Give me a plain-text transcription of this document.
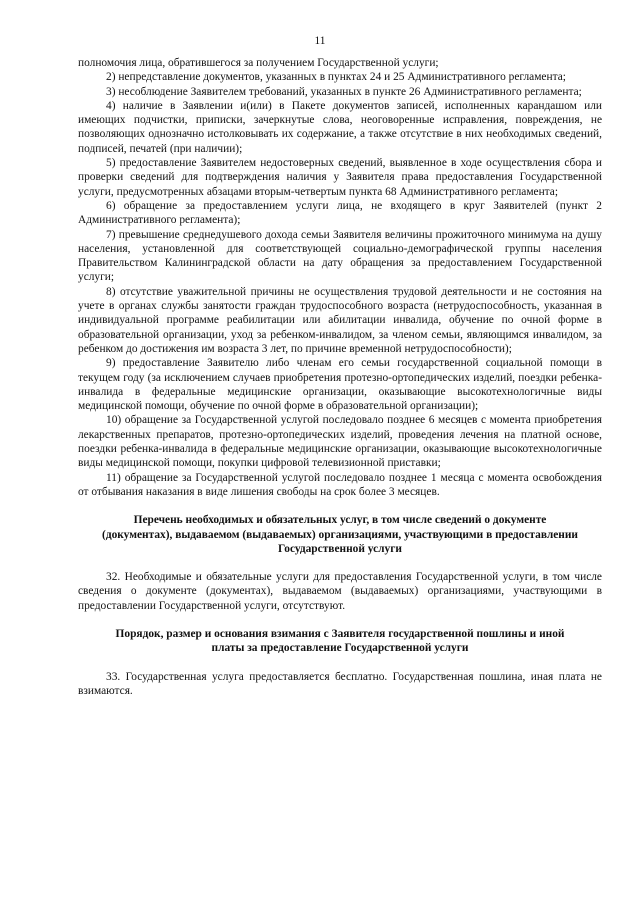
11

полномочия лица, обратившегося за получением Государственной услуги;

2) непредставление документов, указанных в пунктах 24 и 25 Административного регламента;

3) несоблюдение Заявителем требований, указанных в пункте 26 Административного регламента;

4) наличие в Заявлении и(или) в Пакете документов записей, исполненных карандашом или имеющих подчистки, приписки, зачеркнутые слова, неоговоренные исправления, повреждения, не позволяющих однозначно истолковывать их содержание, а также отсутствие в них необходимых сведений, подписей, печатей (при наличии);

5) предоставление Заявителем недостоверных сведений, выявленное в ходе осуществления сбора и проверки сведений для подтверждения наличия у Заявителя права предоставления Государственной услуги, предусмотренных абзацами вторым-четвертым пункта 68 Административного регламента;

6) обращение за предоставлением услуги лица, не входящего в круг Заявителей (пункт 2 Административного регламента);

7) превышение среднедушевого дохода семьи Заявителя величины прожиточного минимума на душу населения, установленной для соответствующей социально-демографической группы населения Правительством Калининградской области на дату обращения за предоставлением Государственной услуги;

8) отсутствие уважительной причины не осуществления трудовой деятельности и не состояния на учете в органах службы занятости граждан трудоспособного возраста (нетрудоспособность, указанная в индивидуальной программе реабилитации или абилитации инвалида, обучение по очной форме в образовательной организации, уход за ребенком-инвалидом, за членом семьи, являющимся инвалидом, за ребенком до достижения им возраста 3 лет, по причине временной нетрудоспособности);

9) предоставление Заявителю либо членам его семьи государственной социальной помощи в текущем году (за исключением случаев приобретения протезно-ортопедических изделий, поездки ребенка-инвалида в федеральные медицинские организации, оказывающие высокотехнологичные виды медицинской помощи, обучение по очной форме в образовательной организации);

10) обращение за Государственной услугой последовало позднее 6 месяцев с момента приобретения лекарственных препаратов, протезно-ортопедических изделий, проведения лечения на платной основе, поездки ребенка-инвалида в федеральные медицинские организации, оказывающие высокотехнологичные виды медицинской помощи, покупки цифровой телевизионной приставки;

11) обращение за Государственной услугой последовало позднее 1 месяца с момента освобождения от отбывания наказания в виде лишения свободы на срок более 3 месяцев.

Перечень необходимых и обязательных услуг, в том числе сведений о документе (документах), выдаваемом (выдаваемых) организациями, участвующими в предоставлении Государственной услуги

32. Необходимые и обязательные услуги для предоставления Государственной услуги, в том числе сведения о документе (документах), выдаваемом (выдаваемых) организациями, участвующими в предоставлении Государственной услуги, отсутствуют.

Порядок, размер и основания взимания с Заявителя государственной пошлины и иной платы за предоставление Государственной услуги

33. Государственная услуга предоставляется бесплатно. Государственная пошлина, иная плата не взимаются.
